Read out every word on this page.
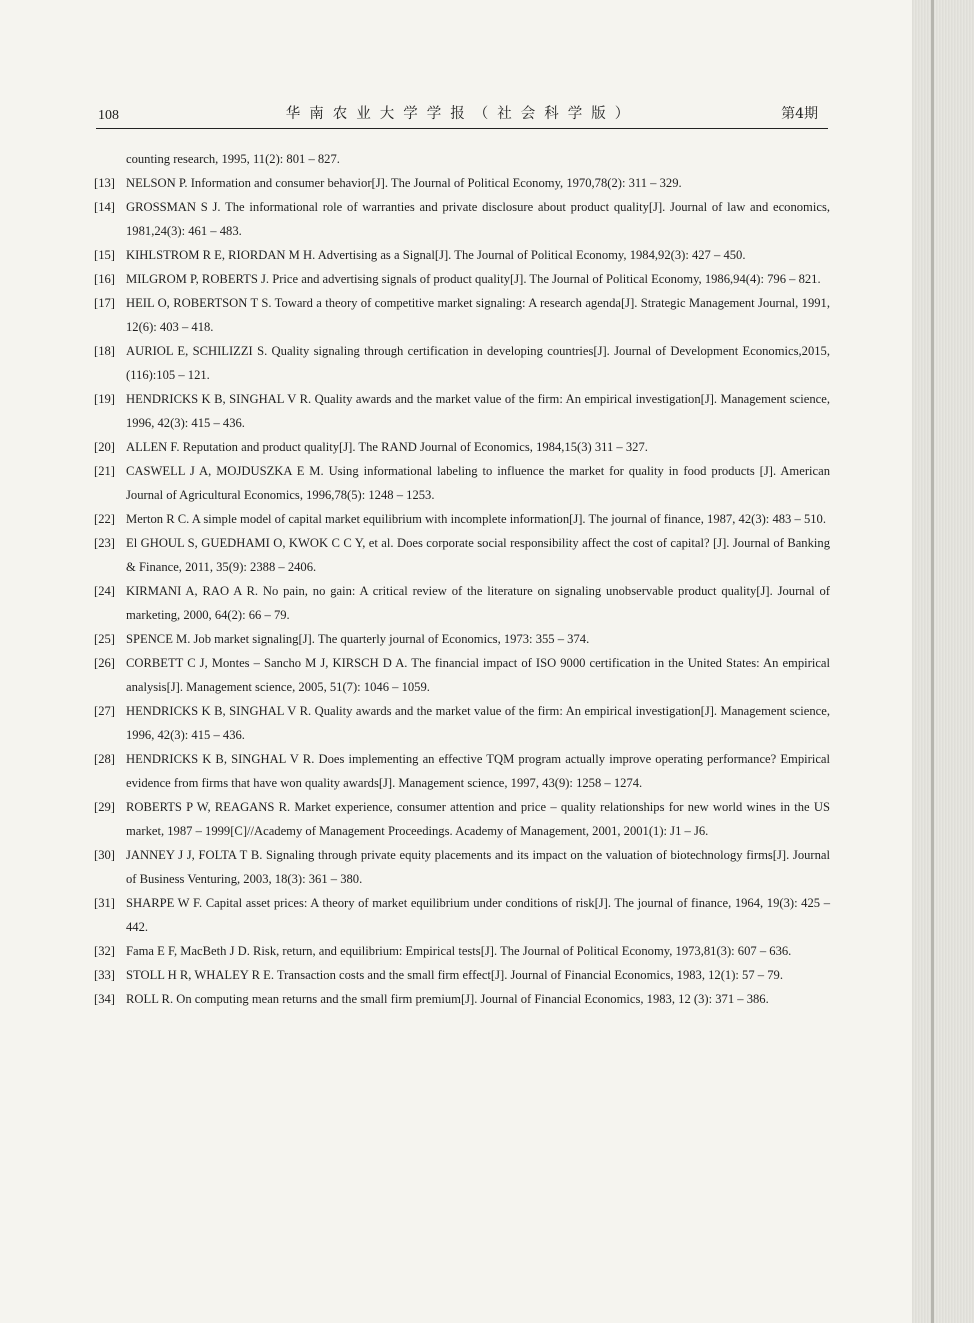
108	华南农业大学学报（社会科学版）	第4期
counting research, 1995, 11(2): 801 – 827.
[13] NELSON P. Information and consumer behavior[J]. The Journal of Political Economy, 1970,78(2): 311 – 329.
[14] GROSSMAN S J. The informational role of warranties and private disclosure about product quality[J]. Journal of law and economics, 1981,24(3): 461 – 483.
[15] KIHLSTROM R E, RIORDAN M H. Advertising as a Signal[J]. The Journal of Political Economy, 1984,92(3): 427 – 450.
[16] MILGROM P, ROBERTS J. Price and advertising signals of product quality[J]. The Journal of Political Economy, 1986,94(4): 796 – 821.
[17] HEIL O, ROBERTSON T S. Toward a theory of competitive market signaling: A research agenda[J]. Strategic Management Journal, 1991, 12(6): 403 – 418.
[18] AURIOL E, SCHILIZZI S. Quality signaling through certification in developing countries[J]. Journal of Development Economics,2015,(116):105 – 121.
[19] HENDRICKS K B, SINGHAL V R. Quality awards and the market value of the firm: An empirical investigation[J]. Management science, 1996, 42(3): 415 – 436.
[20] ALLEN F. Reputation and product quality[J]. The RAND Journal of Economics, 1984,15(3) 311 – 327.
[21] CASWELL J A, MOJDUSZKA E M. Using informational labeling to influence the market for quality in food products [J]. American Journal of Agricultural Economics, 1996,78(5): 1248 – 1253.
[22] Merton R C. A simple model of capital market equilibrium with incomplete information[J]. The journal of finance, 1987, 42(3): 483 – 510.
[23] El GHOUL S, GUEDHAMI O, KWOK C C Y, et al. Does corporate social responsibility affect the cost of capital? [J]. Journal of Banking & Finance, 2011, 35(9): 2388 – 2406.
[24] KIRMANI A, RAO A R. No pain, no gain: A critical review of the literature on signaling unobservable product quality[J]. Journal of marketing, 2000, 64(2): 66 – 79.
[25] SPENCE M. Job market signaling[J]. The quarterly journal of Economics, 1973: 355 – 374.
[26] CORBETT C J, Montes – Sancho M J, KIRSCH D A. The financial impact of ISO 9000 certification in the United States: An empirical analysis[J]. Management science, 2005, 51(7): 1046 – 1059.
[27] HENDRICKS K B, SINGHAL V R. Quality awards and the market value of the firm: An empirical investigation[J]. Management science, 1996, 42(3): 415 – 436.
[28] HENDRICKS K B, SINGHAL V R. Does implementing an effective TQM program actually improve operating performance? Empirical evidence from firms that have won quality awards[J]. Management science, 1997, 43(9): 1258 – 1274.
[29] ROBERTS P W, REAGANS R. Market experience, consumer attention and price – quality relationships for new world wines in the US market, 1987 – 1999[C]//Academy of Management Proceedings. Academy of Management, 2001, 2001(1): J1 – J6.
[30] JANNEY J J, FOLTA T B. Signaling through private equity placements and its impact on the valuation of biotechnology firms[J]. Journal of Business Venturing, 2003, 18(3): 361 – 380.
[31] SHARPE W F. Capital asset prices: A theory of market equilibrium under conditions of risk[J]. The journal of finance, 1964, 19(3): 425 – 442.
[32] Fama E F, MacBeth J D. Risk, return, and equilibrium: Empirical tests[J]. The Journal of Political Economy, 1973,81(3): 607 – 636.
[33] STOLL H R, WHALEY R E. Transaction costs and the small firm effect[J]. Journal of Financial Economics, 1983, 12(1): 57 – 79.
[34] ROLL R. On computing mean returns and the small firm premium[J]. Journal of Financial Economics, 1983, 12 (3): 371 – 386.
